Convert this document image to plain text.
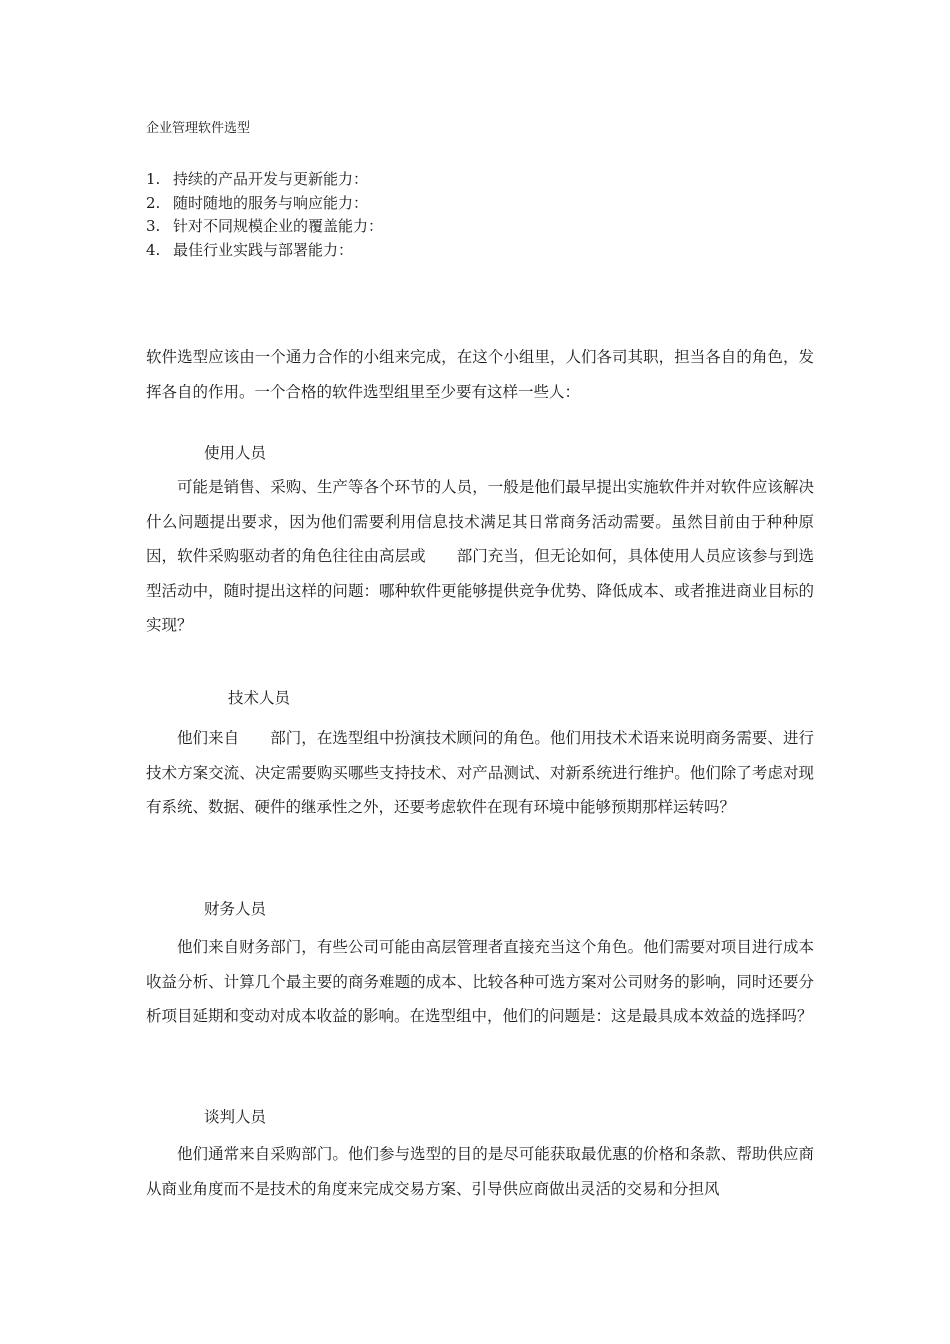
企业管理软件选型
1. 持续的产品开发与更新能力：
2. 随时随地的服务与响应能力：
3. 针对不同规模企业的覆盖能力：
4. 最佳行业实践与部署能力：

软件选型应该由一个通力合作的小组来完成，在这个小组里，人们各司其职，担当各自的角色，发挥各自的作用。一个合格的软件选型组里至少要有这样一些人：

使用人员

可能是销售、采购、生产等各个环节的人员，一般是他们最早提出实施软件并对软件应该解决什么问题提出要求，因为他们需要利用信息技术满足其日常商务活动需要。虽然目前由于种种原因，软件采购驱动者的角色往往由高层或　　部门充当，但无论如何，具体使用人员应该参与到选型活动中，随时提出这样的问题：哪种软件更能够提供竞争优势、降低成本、或者推进商业目标的实现？

技术人员

他们来自　　部门，在选型组中扮演技术顾问的角色。他们用技术术语来说明商务需要、进行技术方案交流、决定需要购买哪些支持技术、对产品测试、对新系统进行维护。他们除了考虑对现有系统、数据、硬件的继承性之外，还要考虑软件在现有环境中能够预期那样运转吗？

财务人员

他们来自财务部门，有些公司可能由高层管理者直接充当这个角色。他们需要对项目进行成本收益分析、计算几个最主要的商务难题的成本、比较各种可选方案对公司财务的影响，同时还要分析项目延期和变动对成本收益的影响。在选型组中，他们的问题是：这是最具成本效益的选择吗？

谈判人员

他们通常来自采购部门。他们参与选型的目的是尽可能获取最优惠的价格和条款、帮助供应商从商业角度而不是技术的角度来完成交易方案、引导供应商做出灵活的交易和分担风
